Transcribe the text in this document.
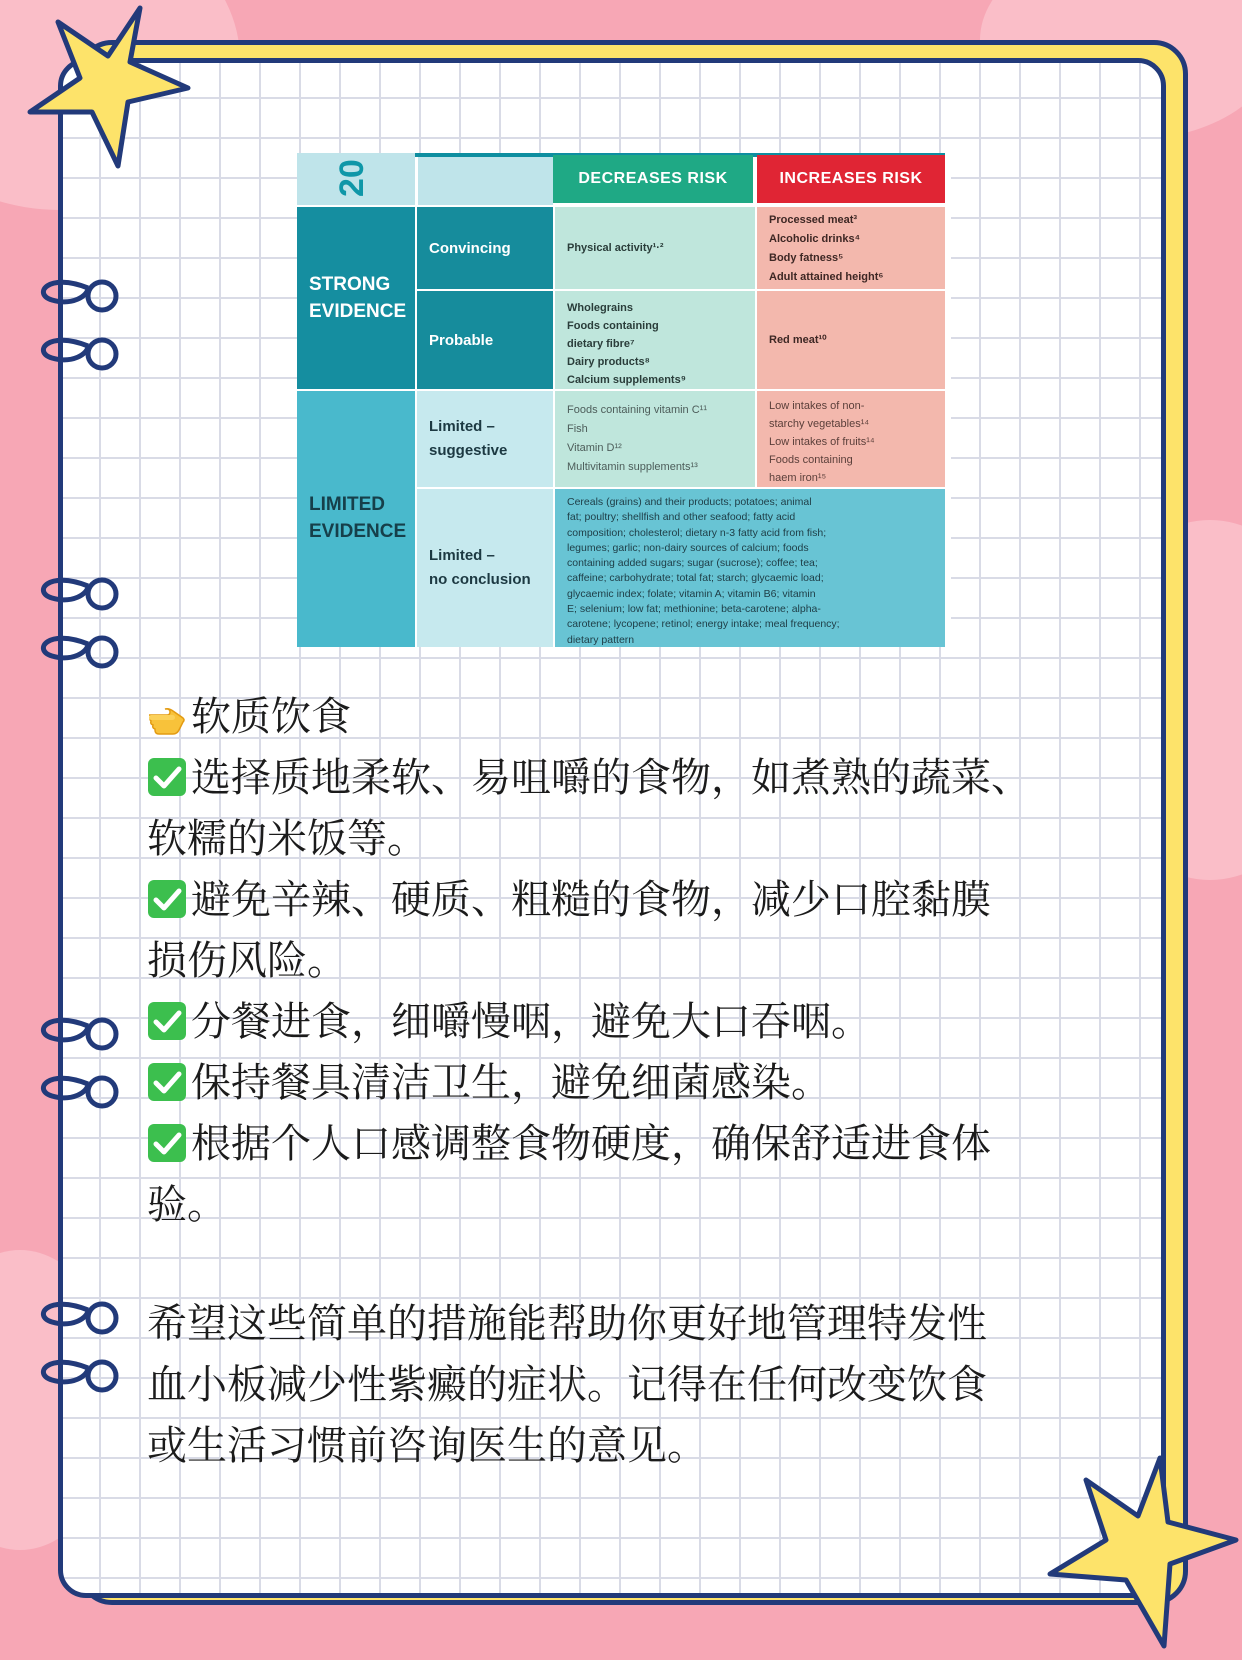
20	DECREASES RISK	INCREASES RISK
STRONG
EVIDENCE
LIMITED
EVIDENCE
Convincing
Probable
Limited –
suggestive
Limited –
no conclusion
Physical activity¹·²
Wholegrains
Foods containing
dietary fibre⁷
Dairy products⁸
Calcium supplements⁹
Foods containing vitamin C¹¹
Fish
Vitamin D¹²
Multivitamin supplements¹³
Processed meat³
Alcoholic drinks⁴
Body fatness⁵
Adult attained height⁶
Red meat¹⁰
Low intakes of non-
starchy vegetables¹⁴
Low intakes of fruits¹⁴
Foods containing
haem iron¹⁵
Cereals (grains) and their products; potatoes; animal
fat; poultry; shellfish and other seafood; fatty acid
composition; cholesterol; dietary n-3 fatty acid from fish;
legumes; garlic; non-dairy sources of calcium; foods
containing added sugars; sugar (sucrose); coffee; tea;
caffeine; carbohydrate; total fat; starch; glycaemic load;
glycaemic index; folate; vitamin A; vitamin B6; vitamin
E; selenium; low fat; methionine; beta-carotene; alpha-
carotene; lycopene; retinol; energy intake; meal frequency;
dietary pattern
软质饮食
选择质地柔软、易咀嚼的食物，如煮熟的蔬菜、
软糯的米饭等。
避免辛辣、硬质、粗糙的食物，减少口腔黏膜
损伤风险。
分餐进食，细嚼慢咽，避免大口吞咽。
保持餐具清洁卫生，避免细菌感染。
根据个人口感调整食物硬度，确保舒适进食体
验。
希望这些简单的措施能帮助你更好地管理特发性
血小板减少性紫癜的症状。记得在任何改变饮食
或生活习惯前咨询医生的意见。
